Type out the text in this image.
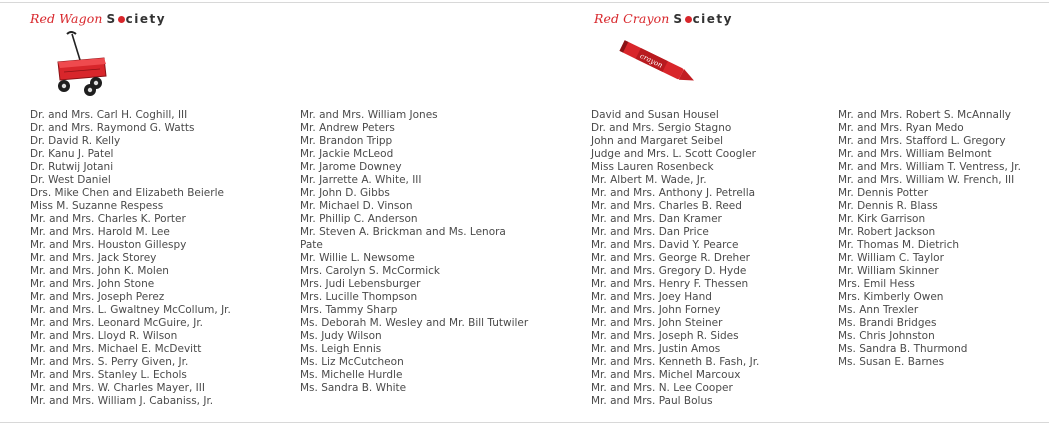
Red Wagon S ciety	Red Crayon S ciety
crayon
Dr. and Mrs. Carl H. Coghill, III
Dr. and Mrs. Raymond G. Watts
Dr. David R. Kelly
Dr. Kanu J. Patel
Dr. Rutwij Jotani
Dr. West Daniel
Drs. Mike Chen and Elizabeth Beierle
Miss M. Suzanne Respess
Mr. and Mrs. Charles K. Porter
Mr. and Mrs. Harold M. Lee
Mr. and Mrs. Houston Gillespy
Mr. and Mrs. Jack Storey
Mr. and Mrs. John K. Molen
Mr. and Mrs. John Stone
Mr. and Mrs. Joseph Perez
Mr. and Mrs. L. Gwaltney McCollum, Jr.
Mr. and Mrs. Leonard McGuire, Jr.
Mr. and Mrs. Lloyd R. Wilson
Mr. and Mrs. Michael E. McDevitt
Mr. and Mrs. S. Perry Given, Jr.
Mr. and Mrs. Stanley L. Echols
Mr. and Mrs. W. Charles Mayer, III
Mr. and Mrs. William J. Cabaniss, Jr.
Mr. and Mrs. William Jones
Mr. Andrew Peters
Mr. Brandon Tripp
Mr. Jackie McLeod
Mr. Jarome Downey
Mr. Jarrette A. White, III
Mr. John D. Gibbs
Mr. Michael D. Vinson
Mr. Phillip C. Anderson
Mr. Steven A. Brickman and Ms. Lenora
Pate
Mr. Willie L. Newsome
Mrs. Carolyn S. McCormick
Mrs. Judi Lebensburger
Mrs. Lucille Thompson
Mrs. Tammy Sharp
Ms. Deborah M. Wesley and Mr. Bill Tutwiler
Ms. Judy Wilson
Ms. Leigh Ennis
Ms. Liz McCutcheon
Ms. Michelle Hurdle
Ms. Sandra B. White
David and Susan Housel
Dr. and Mrs. Sergio Stagno
John and Margaret Seibel
Judge and Mrs. L. Scott Coogler
Miss Lauren Rosenbeck
Mr. Albert M. Wade, Jr.
Mr. and Mrs. Anthony J. Petrella
Mr. and Mrs. Charles B. Reed
Mr. and Mrs. Dan Kramer
Mr. and Mrs. Dan Price
Mr. and Mrs. David Y. Pearce
Mr. and Mrs. George R. Dreher
Mr. and Mrs. Gregory D. Hyde
Mr. and Mrs. Henry F. Thessen
Mr. and Mrs. Joey Hand
Mr. and Mrs. John Forney
Mr. and Mrs. John Steiner
Mr. and Mrs. Joseph R. Sides
Mr. and Mrs. Justin Amos
Mr. and Mrs. Kenneth B. Fash, Jr.
Mr. and Mrs. Michel Marcoux
Mr. and Mrs. N. Lee Cooper
Mr. and Mrs. Paul Bolus
Mr. and Mrs. Robert S. McAnnally
Mr. and Mrs. Ryan Medo
Mr. and Mrs. Stafford L. Gregory
Mr. and Mrs. William Belmont
Mr. and Mrs. William T. Ventress, Jr.
Mr. and Mrs. William W. French, III
Mr. Dennis Potter
Mr. Dennis R. Blass
Mr. Kirk Garrison
Mr. Robert Jackson
Mr. Thomas M. Dietrich
Mr. William C. Taylor
Mr. William Skinner
Mrs. Emil Hess
Mrs. Kimberly Owen
Ms. Ann Trexler
Ms. Brandi Bridges
Ms. Chris Johnston
Ms. Sandra B. Thurmond
Ms. Susan E. Barnes
